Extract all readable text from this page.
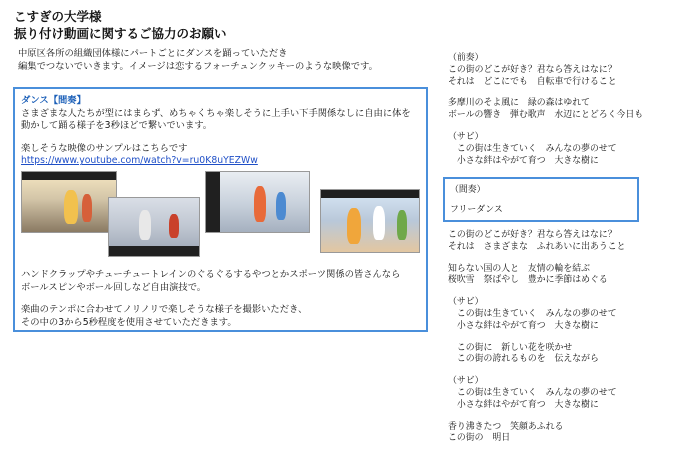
こすぎの大学様
振り付け動画に関するご協力のお願い
中原区各所の組織団体様にパートごとにダンスを踊っていただき
編集でつないでいきます。イメージは恋するフォーチュンクッキーのような映像です。
ダンス【間奏】
さまざまな人たちが型にはまらず、めちゃくちゃ楽しそうに上手い下手関係なしに自由に体を
動かして踊る様子を3秒ほどで繋いでいます。
楽しそうな映像のサンプルはこちらです
https://www.youtube.com/watch?v=ru0K8uYEZWw
ハンドクラップやチューチュートレインのぐるぐるするやつとかスポーツ関係の皆さんなら
ボールスピンやボール回しなど自由演技で。
楽曲のテンポに合わせてノリノリで楽しそうな様子を撮影いただき、
その中の3から5秒程度を使用させていただきます。

（前奏）

この街のどこが好き？君なら答えはなに？

それは　どこにでも　自転車で行けること

多摩川のそよ風に　緑の森はゆれて

ボールの響き　弾む歌声　水辺にとどろく今日も

（サビ）

　この街は生きていく　みんなの夢のせて

　小さな絆はやがて育つ　大きな樹に

（間奏）
フリーダンス

この街のどこが好き？君なら答えはなに？

それは　さまざまな　ふれあいに出あうこと

知らない国の人と　友情の輪を結ぶ

桜吹雪　祭ばやし　豊かに季節はめぐる

（サビ）

　この街は生きていく　みんなの夢のせて

　小さな絆はやがて育つ　大きな樹に

　この街に　新しい花を咲かせ

　この街の誇れるものを　伝えながら

（サビ）

　この街は生きていく　みんなの夢のせて

　小さな絆はやがて育つ　大きな樹に

香り沸きたつ　笑顔あふれる

この街の　明日
